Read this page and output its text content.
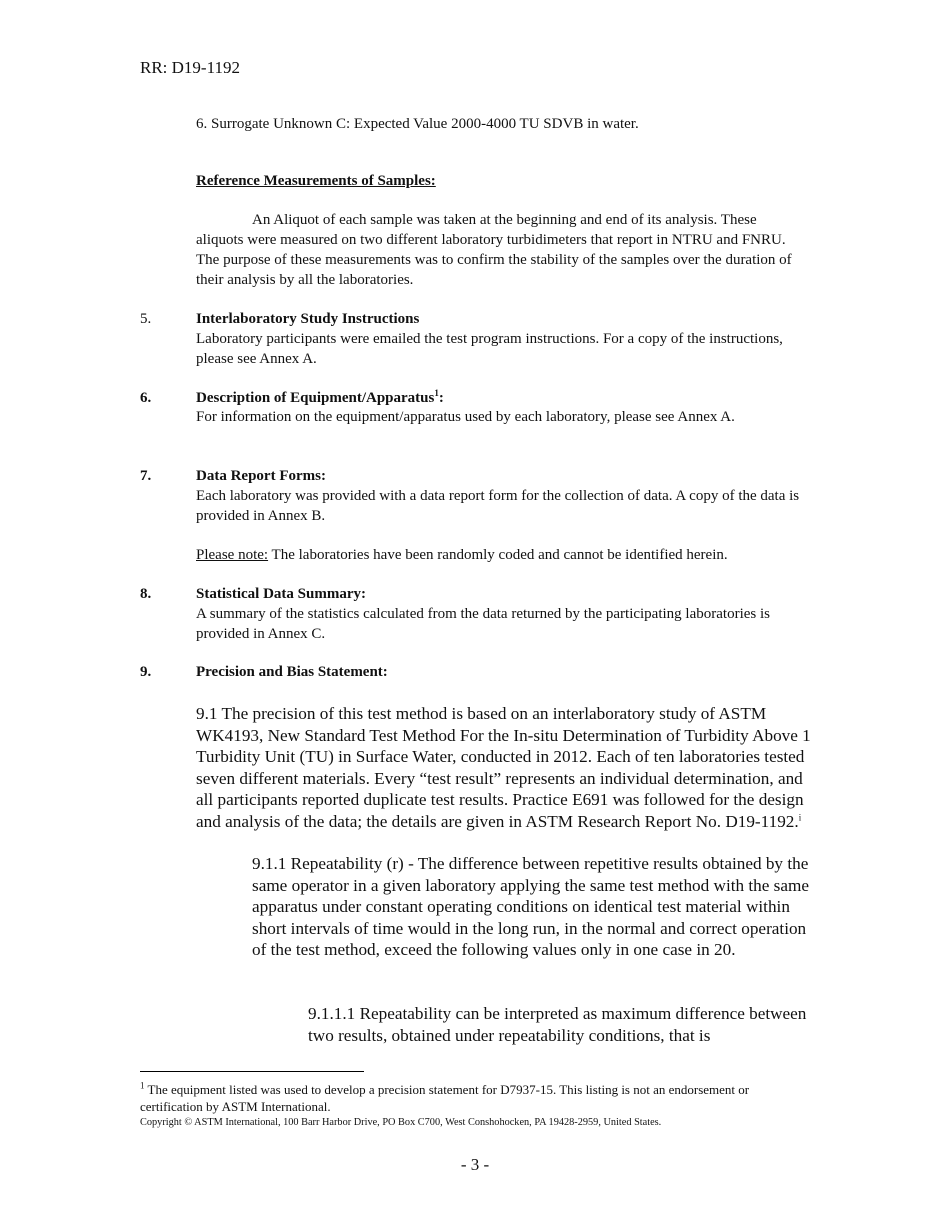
RR: D19-1192
6. Surrogate Unknown C: Expected Value 2000-4000 TU SDVB in water.
Reference Measurements of Samples:
An Aliquot of each sample was taken at the beginning and end of its analysis. These aliquots were measured on two different laboratory turbidimeters that report in NTRU and FNRU. The purpose of these measurements was to confirm the stability of the samples over the duration of their analysis by all the laboratories.
5.	Interlaboratory Study Instructions
Laboratory participants were emailed the test program instructions. For a copy of the instructions, please see Annex A.
6.	Description of Equipment/Apparatus$^1$:
For information on the equipment/apparatus used by each laboratory, please see Annex A.
7.	Data Report Forms:
Each laboratory was provided with a data report form for the collection of data. A copy of the data is provided in Annex B.
Please note: The laboratories have been randomly coded and cannot be identified herein.
8.	Statistical Data Summary:
A summary of the statistics calculated from the data returned by the participating laboratories is provided in Annex C.
9.	Precision and Bias Statement:
9.1 The precision of this test method is based on an interlaboratory study of ASTM WK4193, New Standard Test Method For the In-situ Determination of Turbidity Above 1 Turbidity Unit (TU) in Surface Water, conducted in 2012. Each of ten laboratories tested seven different materials. Every “test result” represents an individual determination, and all participants reported duplicate test results. Practice E691 was followed for the design and analysis of the data; the details are given in ASTM Research Report No. D19-1192.$^i$
9.1.1 Repeatability (r) - The difference between repetitive results obtained by the same operator in a given laboratory applying the same test method with the same apparatus under constant operating conditions on identical test material within short intervals of time would in the long run, in the normal and correct operation of the test method, exceed the following values only in one case in 20.
9.1.1.1 Repeatability can be interpreted as maximum difference between two results, obtained under repeatability conditions, that is
$^1$ The equipment listed was used to develop a precision statement for D7937-15. This listing is not an endorsement or certification by ASTM International.
Copyright © ASTM International, 100 Barr Harbor Drive, PO Box C700, West Conshohocken, PA 19428-2959, United States.
- 3 -
